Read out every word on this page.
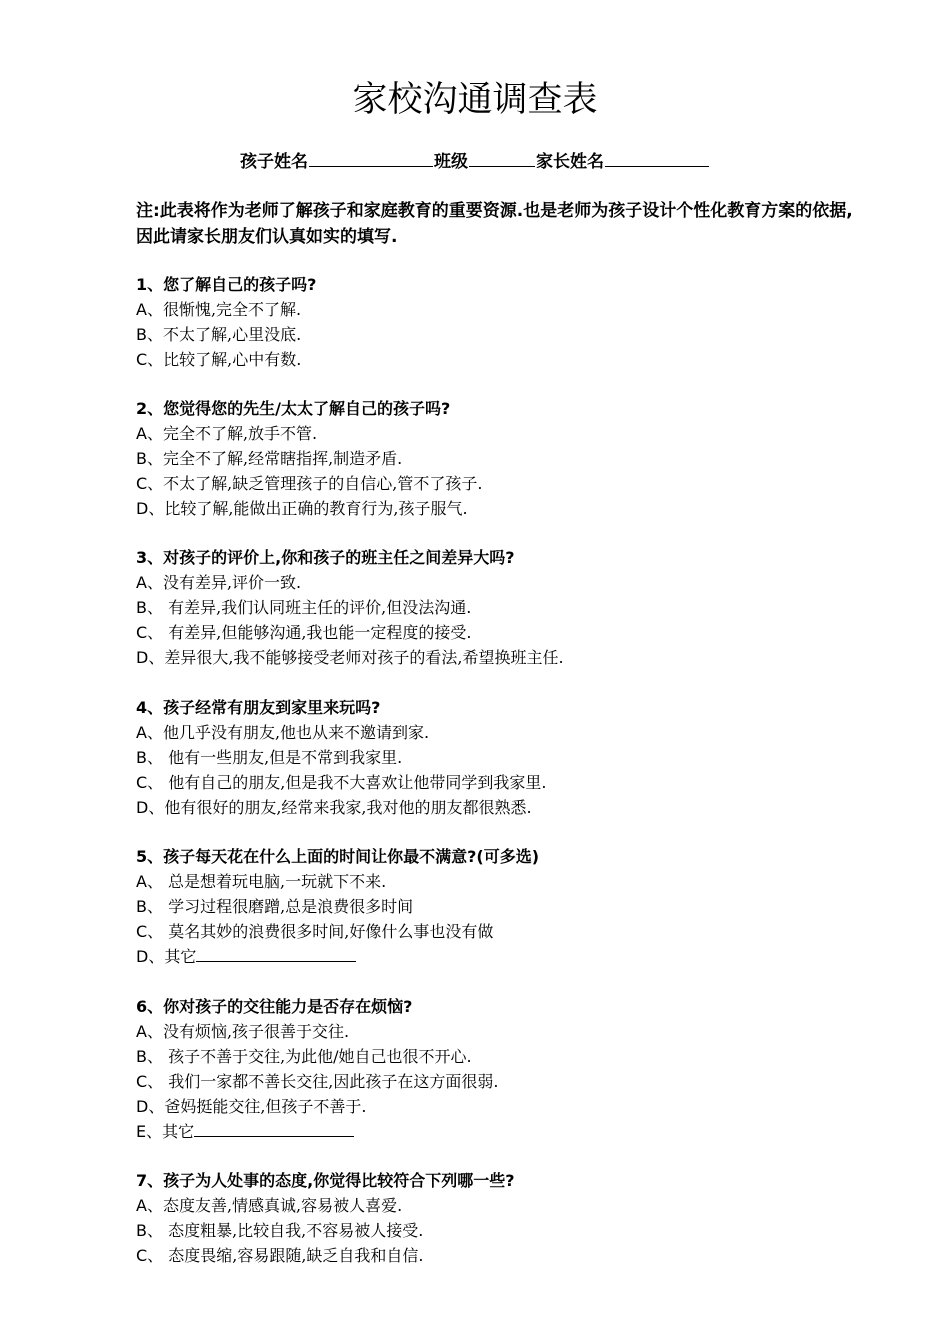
家校沟通调查表
孩子姓名	班级	家长姓名
注:此表将作为老师了解孩子和家庭教育的重要资源.也是老师为孩子设计个性化教育方案的依据,因此请家长朋友们认真如实的填写.
1、您了解自己的孩子吗?
A、很惭愧,完全不了解.
B、不太了解,心里没底.
C、比较了解,心中有数.
2、您觉得您的先生/太太了解自己的孩子吗?
A、完全不了解,放手不管.
B、完全不了解,经常瞎指挥,制造矛盾.
C、不太了解,缺乏管理孩子的自信心,管不了孩子.
D、比较了解,能做出正确的教育行为,孩子服气.
3、对孩子的评价上,你和孩子的班主任之间差异大吗?
A、没有差异,评价一致.
B、 有差异,我们认同班主任的评价,但没法沟通.
C、 有差异,但能够沟通,我也能一定程度的接受.
D、差异很大,我不能够接受老师对孩子的看法,希望换班主任.
4、孩子经常有朋友到家里来玩吗?
A、他几乎没有朋友,他也从来不邀请到家.
B、 他有一些朋友,但是不常到我家里.
C、 他有自己的朋友,但是我不大喜欢让他带同学到我家里.
D、他有很好的朋友,经常来我家,我对他的朋友都很熟悉.
5、孩子每天花在什么上面的时间让你最不满意?(可多选)
A、 总是想着玩电脑,一玩就下不来.
B、 学习过程很磨蹭,总是浪费很多时间
C、 莫名其妙的浪费很多时间,好像什么事也没有做
D、其它
6、你对孩子的交往能力是否存在烦恼?
A、没有烦恼,孩子很善于交往.
B、 孩子不善于交往,为此他/她自己也很不开心.
C、 我们一家都不善长交往,因此孩子在这方面很弱.
D、爸妈挺能交往,但孩子不善于.
E、其它
7、孩子为人处事的态度,你觉得比较符合下列哪一些?
A、态度友善,情感真诚,容易被人喜爱.
B、 态度粗暴,比较自我,不容易被人接受.
C、 态度畏缩,容易跟随,缺乏自我和自信.
